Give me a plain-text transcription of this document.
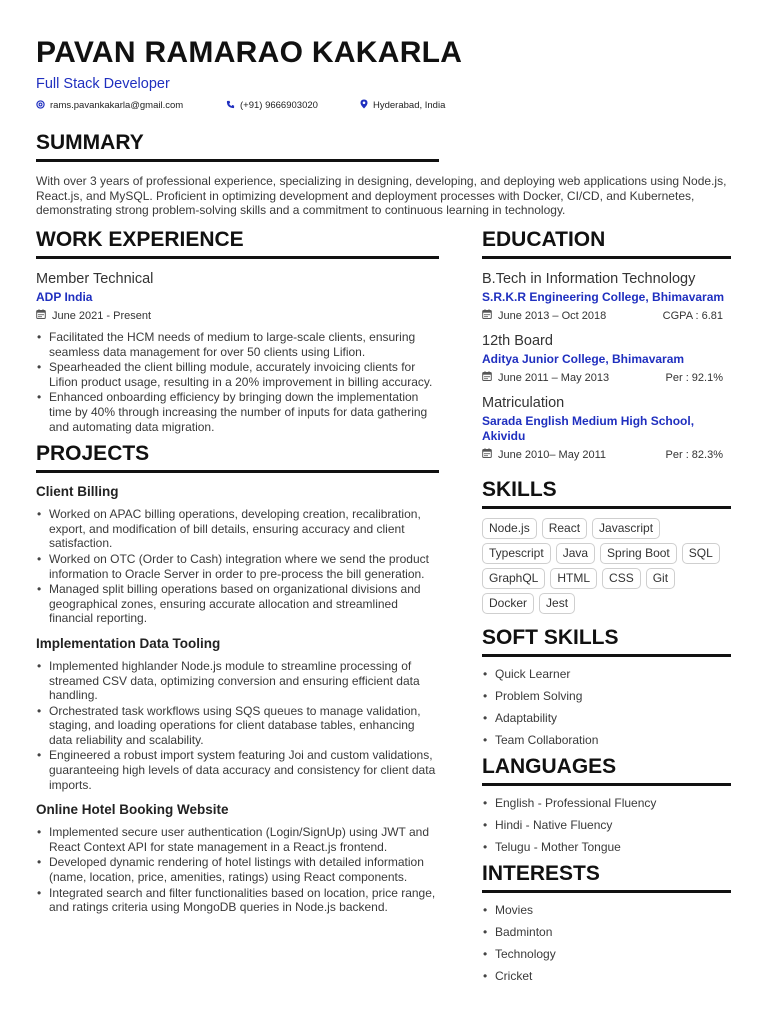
PAVAN RAMARAO KAKARLA
Full Stack Developer
rams.pavankakarla@gmail.com	(+91) 9666903020	Hyderabad, India
SUMMARY
With over 3 years of professional experience, specializing in designing, developing, and deploying web applications using Node.js, React.js, and MySQL. Proficient in optimizing development and deployment processes with Docker, CI/CD, and Kubernetes, demonstrating strong problem-solving skills and a commitment to continuous learning in technology.
WORK EXPERIENCE
Member Technical
ADP India
June 2021 - Present
• Facilitated the HCM needs of medium to large-scale clients, ensuring seamless data management for over 50 clients using Lifion.
• Spearheaded the client billing module, accurately invoicing clients for Lifion product usage, resulting in a 20% improvement in billing accuracy.
• Enhanced onboarding efficiency by bringing down the implementation time by 40% through increasing the number of inputs for data gathering and automating data migration.
PROJECTS
Client Billing
• Worked on APAC billing operations, developing creation, recalibration, export, and modification of bill details, ensuring accuracy and client satisfaction.
• Worked on OTC (Order to Cash) integration where we send the product information to Oracle Server in order to pre-process the bill generation.
• Managed split billing operations based on organizational divisions and geographical zones, ensuring accurate allocation and streamlined financial reporting.
Implementation Data Tooling
• Implemented highlander Node.js module to streamline processing of streamed CSV data, optimizing conversion and ensuring efficient data handling.
• Orchestrated task workflows using SQS queues to manage validation, staging, and loading operations for client database tables, enhancing data reliability and scalability.
• Engineered a robust import system featuring Joi and custom validations, guaranteeing high levels of data accuracy and consistency for client data imports.
Online Hotel Booking Website
• Implemented secure user authentication (Login/SignUp) using JWT and React Context API for state management in a React.js frontend.
• Developed dynamic rendering of hotel listings with detailed information (name, location, price, amenities, ratings) using React components.
• Integrated search and filter functionalities based on location, price range, and ratings criteria using MongoDB queries in Node.js backend.
EDUCATION
B.Tech in Information Technology
S.R.K.R Engineering College, Bhimavaram
June 2013 – Oct 2018	CGPA : 6.81
12th Board
Aditya Junior College, Bhimavaram
June 2011 – May 2013	Per : 92.1%
Matriculation
Sarada English Medium High School, Akividu
June 2010– May 2011	Per : 82.3%
SKILLS
Node.js	React	Javascript
Typescript	Java	Spring Boot	SQL
GraphQL	HTML	CSS	Git
Docker	Jest
SOFT SKILLS
• Quick Learner
• Problem Solving
• Adaptability
• Team Collaboration
LANGUAGES
• English - Professional Fluency
• Hindi - Native Fluency
• Telugu - Mother Tongue
INTERESTS
• Movies
• Badminton
• Technology
• Cricket
